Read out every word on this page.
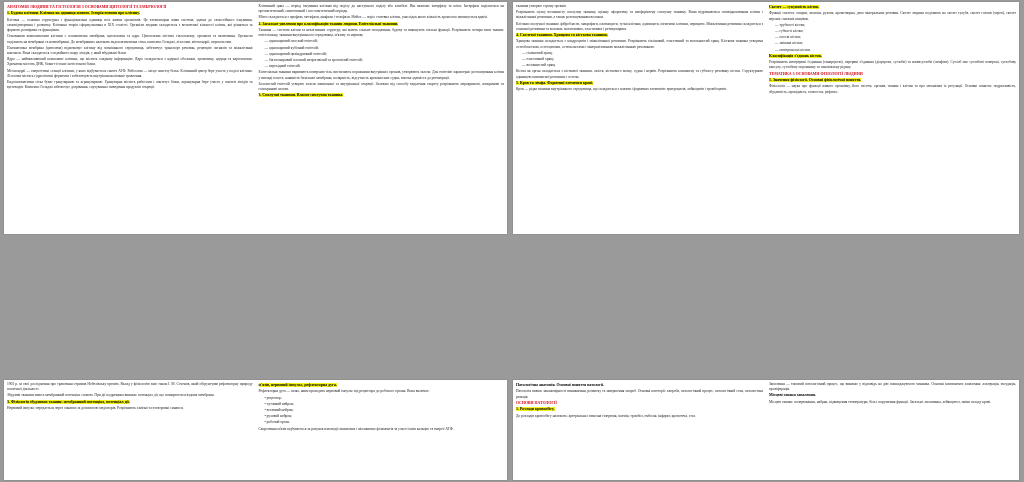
АНАТОМІЯ ЛЮДИНИ ТА ГІСТОЛОГІЯ З ОСНОВАМИ ЦИТОЛОГІЇ ТА ЕМБРІОЛОГІЇ
1. Будова клітини. Клітина як одиниця живого. Історія вчення про клітину.
Клітина — основна структурна і функціональна одиниця всіх живих організмів. Це елементарна жива система, здатна до самостійного існування, самовідтворення і розвитку. Клітинна теорія сформульована в XIX столітті. Організм людини складається з величезної кількості клітин, які різняться за формою, розмірами та функціями.
Основними компонентами клітини є плазматична мембрана, цитоплазма та ядро. Цитоплазма містить гіалоплазму, органели та включення. Органели поділяють на мембранні та немембранні. До мембранних належать ендоплазматична сітка, комплекс Гольджі, лізосоми, мітохондрії, пероксисоми.
Плазматична мембрана (цитолема) відмежовує клітину від зовнішнього середовища, забезпечує транспорт речовин, рецепцію сигналів та міжклітинні контакти. Вона складається з подвійного шару ліпідів, у який вбудовані білки.
Ядро — найважливіший компонент клітини, що містить спадкову інформацію. Ядро складається з ядерної оболонки, хроматину, ядерця та каріоплазми. Хроматин містить ДНК, білки-гістони і негістонові білки.
Мітохондрії — енергетичні станції клітини, у яких відбувається синтез АТФ. Рибосоми — місце синтезу білка. Клітинний центр бере участь у поділі клітини. Лізосоми містять гідролітичні ферменти і забезпечують внутрішньоклітинне травлення.
Ендоплазматична сітка буває гранулярною та агранулярною. Гранулярна містить рибосоми і синтезує білки, агранулярна бере участь у синтезі ліпідів та вуглеводів. Комплекс Гольджі забезпечує дозрівання, сортування і виведення продуктів секреції.
Клітинний цикл — період існування клітини від поділу до наступного поділу або загибелі. Він включає інтерфазу та мітоз. Інтерфаза поділяється на пресинтетичний, синтетичний і постсинтетичний періоди.
Мітоз складається з профази, метафази, анафази і телофази. Мейоз — поділ статевих клітин, унаслідок якого кількість хромосом зменшується вдвічі.
2. Загальне уявлення про класифікацію тканин людини. Епітеліальні тканини.
Тканина — система клітин та неклітинних структур, які мають спільне походження, будову та виконують спільні функції. Розрізняють чотири типи тканин: епітеліальну, тканини внутрішнього середовища, м'язову та нервову.
— одношаровий плоский епітелій;
— одношаровий кубічний епітелій;
— одношаровий циліндричний епітелій;
— багатошаровий плоский незроговілий та зроговілий епітелій;
— перехідний епітелій.
Епітеліальні тканини вкривають поверхню тіла, вистилають порожнини внутрішніх органів, утворюють залози. Для епітелію характерні: розташування клітин у вигляді пласта, наявність базальної мембрани, полярність, відсутність кровоносних судин, висока здатність до регенерації.
Залозистий епітелій утворює залози зовнішньої та внутрішньої секреції. Залежно від способу виділення секрету розрізняють мерокринові, апокринові та голокринові залози.
3. Сполучні тканини. Власне сполучна тканина.
тканина утворює строму органів
Розрізняють пухку волокнисту сполучну тканину, щільну оформлену та неоформлену сполучну тканину. Вони відрізняються співвідношенням клітин і міжклітинної речовини, а також розташуванням волокон.
Клітини сполучної тканини: фібробласти, макрофаги, плазмоцити, тучні клітини, адипоцити, пігментні клітини, перицити. Міжклітинна речовина складається з основної речовини та волокон: колагенових, еластичних і ретикулярних.
4. Скелетні тканини. Хрящова та кісткова тканини.
Хрящова тканина складається з хондроцитів і міжклітинної речовини. Розрізняють гіаліновий, еластичний та волокнистий хрящ. Кісткова тканина утворена остеобластами, остеоцитами, остеокластами і мінералізованою міжклітинною речовиною.
— гіаліновий хрящ;
— еластичний хрящ;
— волокнистий хрящ.
Кістка як орган складається з кісткової тканини, окістя, кісткового мозку, судин і нервів. Розрізняють компактну та губчасту речовину кістки. Структурною одиницею компактної речовини є остеон.
5. Кров та лімфа. Форменні елементи крові.
Кров — рідка тканина внутрішнього середовища, що складається з плазми і формених елементів: еритроцитів, лейкоцитів і тромбоцитів.
Скелет — сукупність кісток.
Функції скелета: опорна, захисна, рухова, кровотворна, депо мінеральних речовин. Скелет людини поділяють на скелет тулуба, скелет голови (череп), скелет верхніх і нижніх кінцівок.
— трубчасті кістки;
— губчасті кістки;
— плоскі кістки;
— змішані кістки;
— повітроносні кістки.
Класифікація з'єднань кісток.
Розрізняють неперервні з'єднання (синартрози), перервні з'єднання (діартрози, суглоби) та напівсуглоби (симфізи). Суглоб має суглобові поверхні, суглобову капсулу, суглобову порожнину та синовіальну рідину.
ТЕМАТИКА З ОСНОВАМИ ФІЗІОЛОГІЇ ЛЮДИНИ
1. Значення фізіології. Основні фізіологічні поняття.
Фізіологія — наука про функції живого організму, його систем, органів, тканин і клітин та про механізми їх регуляції. Основні поняття: подразливість, збудливість, провідність, гомеостаз, рефлекс.
1901 р. за свої дослідження про травлення отримав Нобелівську премію. Вклад у фізіологію вніс також І. М. Сєченов, який обґрунтував рефлекторну природу психічної діяльності.
Збудливі тканини мають мембранний потенціал спокою. При дії подразника виникає потенціал дії, що поширюється вздовж мембрани.
3. Фізіологія збудливих тканин: мембранний потенціал, потенціал дії.
Нервовий імпульс передається через синапси за допомогою медіаторів. Розрізняють хімічні та електричні синапси.
м'язів, нервовий імпульс, рефлекторна дуга.
Рефлекторна дуга — шлях, яким проходить нервовий імпульс від рецептора до робочого органа. Вона включає:
• рецептор;
• чутливий нейрон;
• вставний нейрон;
• руховий нейрон;
• робочий орган.
Скорочення м'язів відбувається за рахунок взаємодії актинових і міозинових філаментів за участі іонів кальцію та енергії АТФ.
Патологічна анатомія. Основні поняття патології.
Патологія вивчає закономірності виникнення, розвитку та завершення хвороб. Основні категорії: хвороба, патологічний процес, патологічний стан, патологічна реакція.
ОСНОВИ ПАТОЛОГІЇ
1. Розлади кровообігу.
До розладів кровообігу належать: артеріальна і венозна гіперемія, ішемія, тромбоз, емболія, інфаркт, кровотеча, стаз.
Запалення — типовий патологічний процес, що виникає у відповідь на дію пошкоджуючого чинника. Основні компоненти запалення: альтерація, ексудація, проліферація.
Місцеві ознаки запалення.
Місцеві ознаки: почервоніння, набряк, підвищення температури, біль і порушення функції. Загальні: лихоманка, лейкоцитоз, зміни складу крові.
